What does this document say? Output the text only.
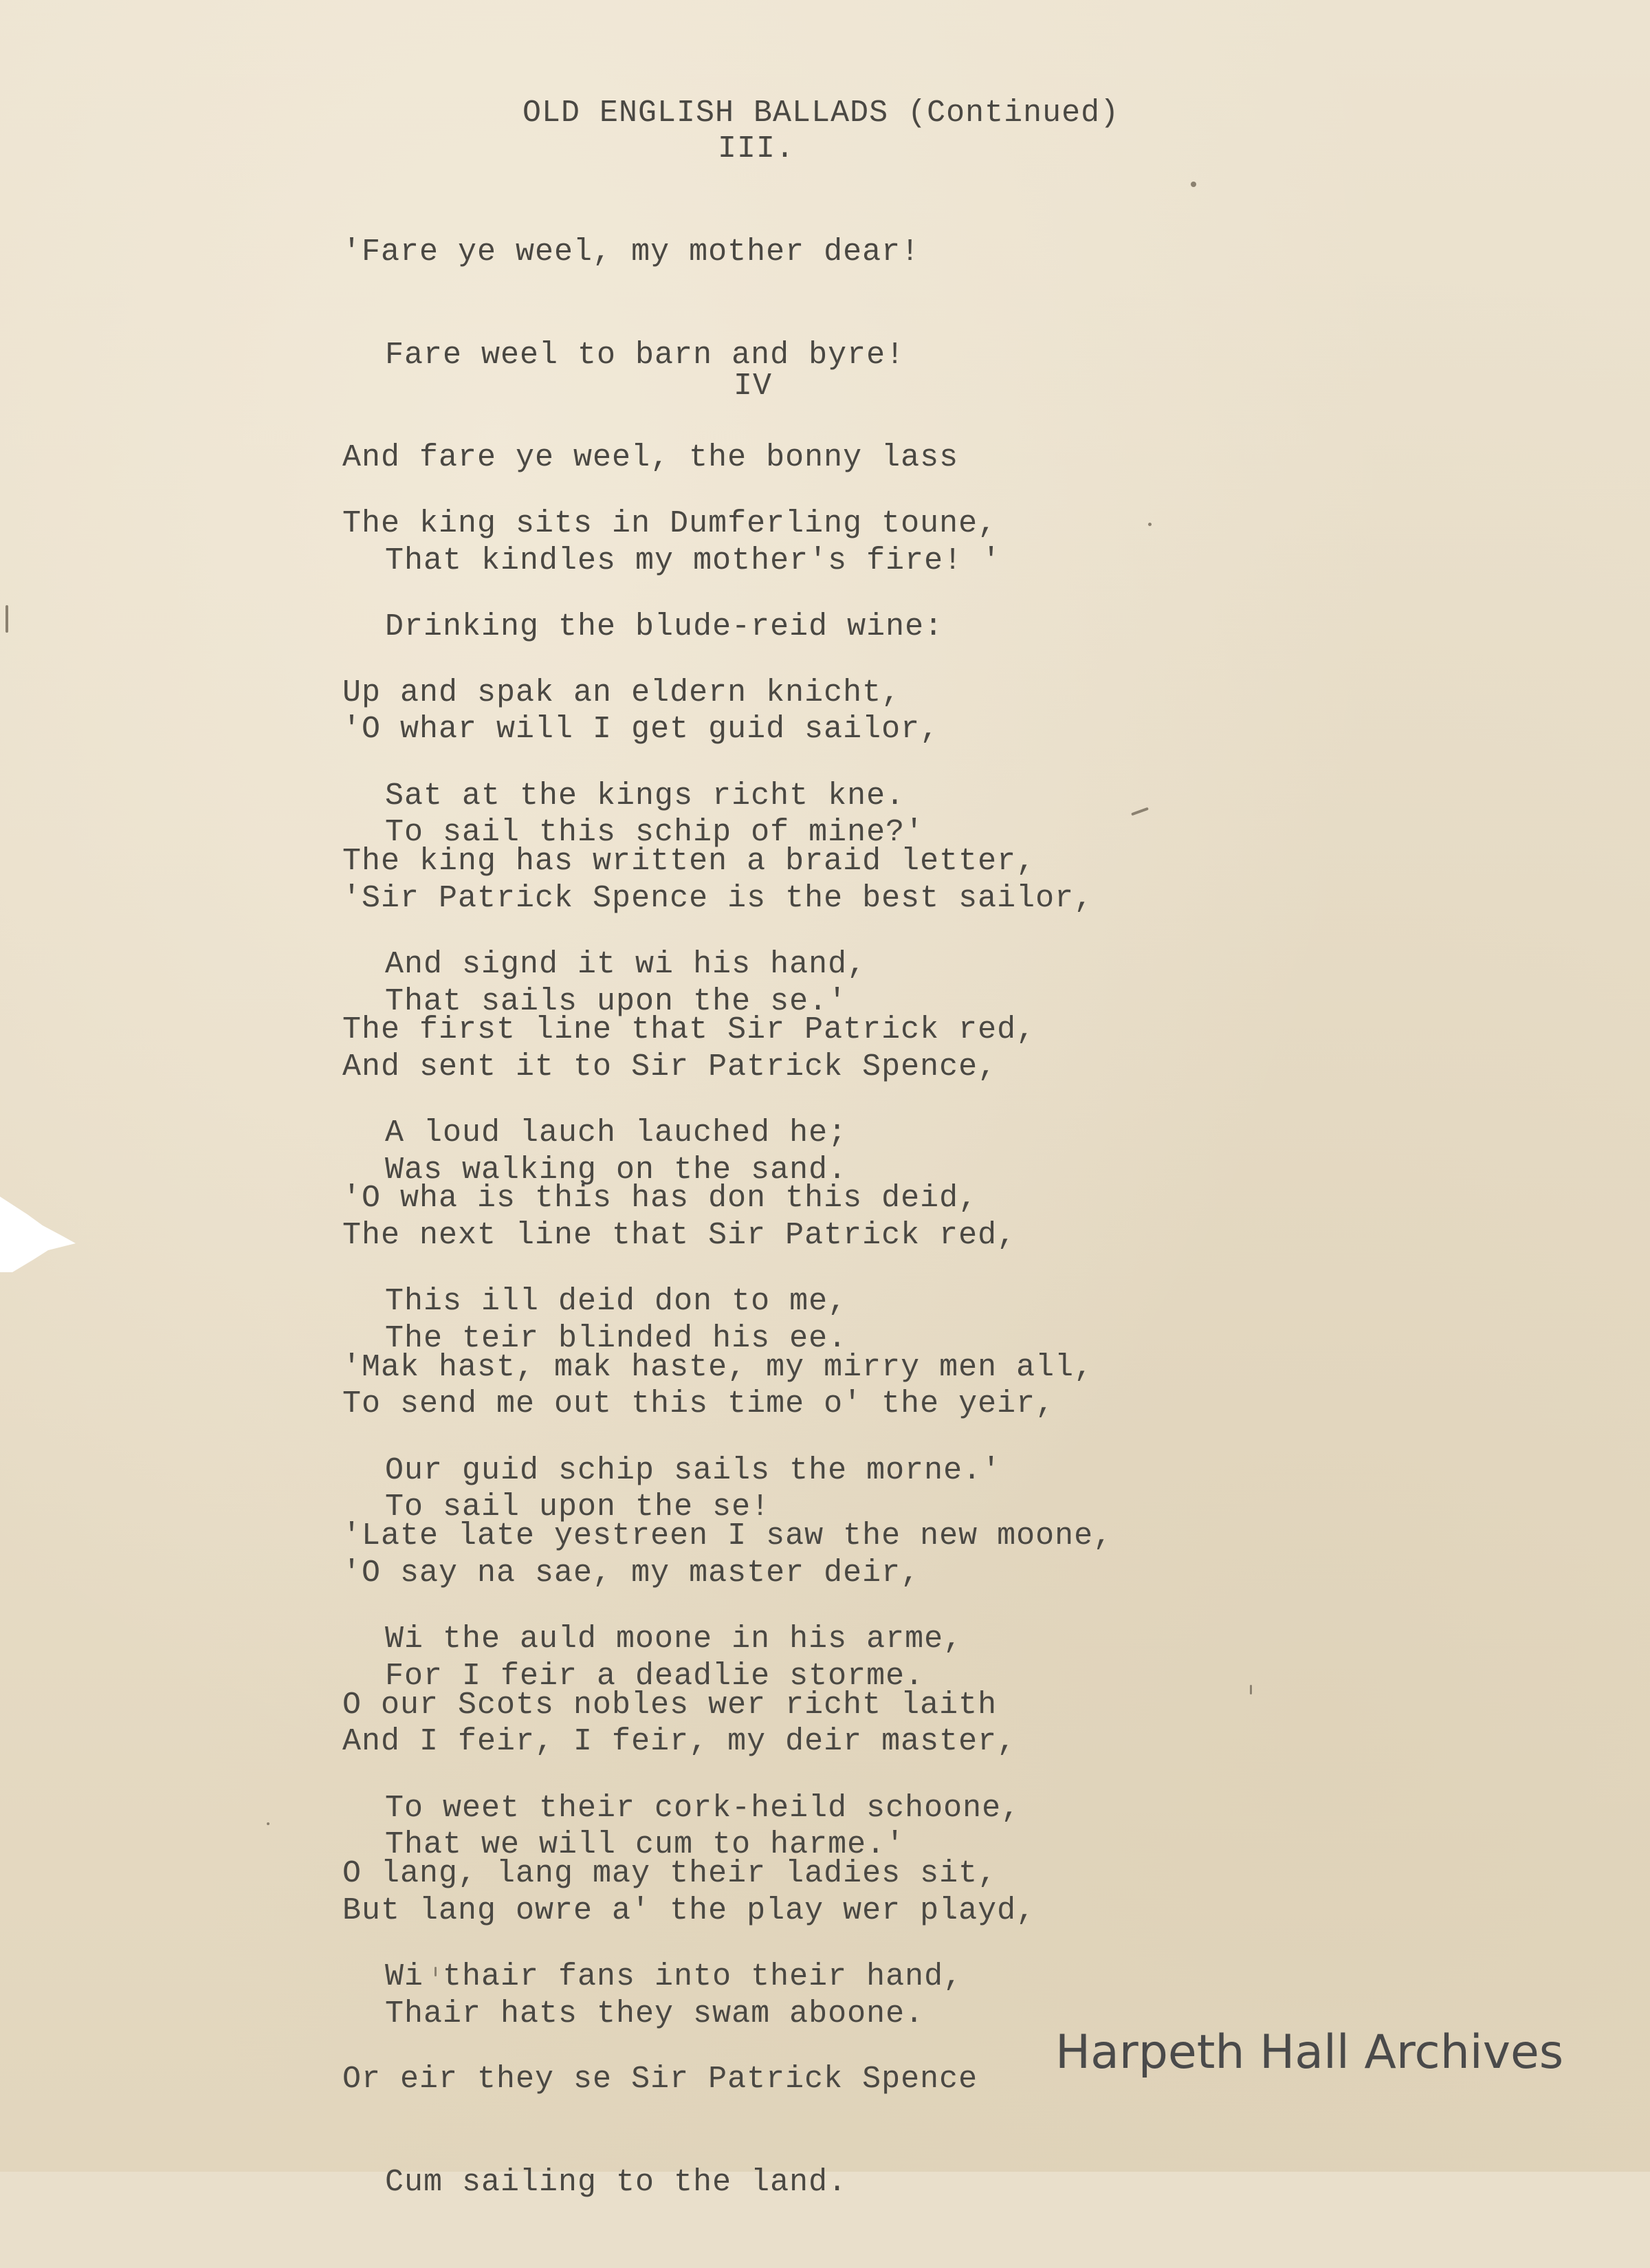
OLD ENGLISH BALLADS (Continued)
III.

'Fare ye weel, my mother dear!

Fare weel to barn and byre!

And fare ye weel, the bonny lass

That kindles my mother's fire! '

IV

The king sits in Dumferling toune,

Drinking the blude-reid wine:

'O whar will I get guid sailor,

To sail this schip of mine?'

Up and spak an eldern knicht,

Sat at the kings richt kne.

'Sir Patrick Spence is the best sailor,

That sails upon the se.'

The king has written a braid letter,

And signd it wi his hand,

And sent it to Sir Patrick Spence,

Was walking on the sand.

The first line that Sir Patrick red,

A loud lauch lauched he;

The next line that Sir Patrick red,

The teir blinded his ee.

'O wha is this has don this deid,

This ill deid don to me,

To send me out this time o' the yeir,

To sail upon the se!

'Mak hast, mak haste, my mirry men all,

Our guid schip sails the morne.'

'O say na sae, my master deir,

For I feir a deadlie storme.

'Late late yestreen I saw the new moone,

Wi the auld moone in his arme,

And I feir, I feir, my deir master,

That we will cum to harme.'

O our Scots nobles wer richt laith

To weet their cork-heild schoone,

But lang owre a' the play wer playd,

Thair hats they swam aboone.

O lang, lang may their ladies sit,

Wi thair fans into their hand,

Or eir they se Sir Patrick Spence

Cum sailing to the land.

Harpeth Hall Archives
